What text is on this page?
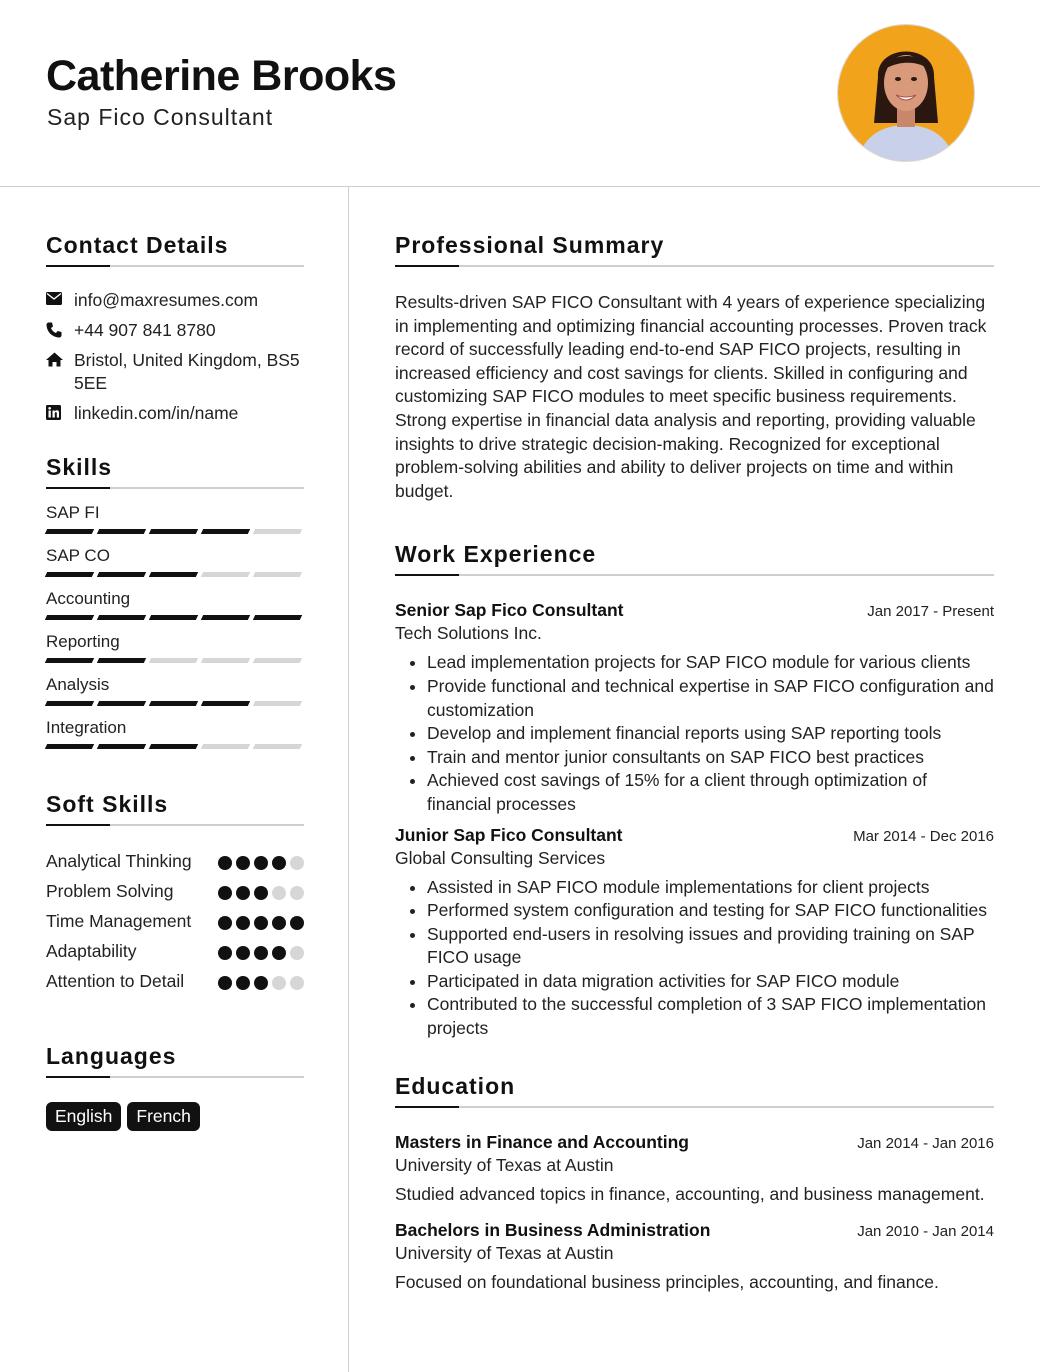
Catherine Brooks
Sap Fico Consultant
Contact Details
info@maxresumes.com
+44 907 841 8780
Bristol, United Kingdom, BS5 5EE
linkedin.com/in/name
Skills
SAP FI
SAP CO
Accounting
Reporting
Analysis
Integration
Soft Skills
Analytical Thinking
Problem Solving
Time Management
Adaptability
Attention to Detail
Languages
English	French
Professional Summary
Results-driven SAP FICO Consultant with 4 years of experience specializing in implementing and optimizing financial accounting processes. Proven track record of successfully leading end-to-end SAP FICO projects, resulting in increased efficiency and cost savings for clients. Skilled in configuring and customizing SAP FICO modules to meet specific business requirements. Strong expertise in financial data analysis and reporting, providing valuable insights to drive strategic decision-making. Recognized for exceptional problem-solving abilities and ability to deliver projects on time and within budget.
Work Experience
Senior Sap Fico Consultant	Jan 2017 - Present
Tech Solutions Inc.
• Lead implementation projects for SAP FICO module for various clients
• Provide functional and technical expertise in SAP FICO configuration and customization
• Develop and implement financial reports using SAP reporting tools
• Train and mentor junior consultants on SAP FICO best practices
• Achieved cost savings of 15% for a client through optimization of financial processes
Junior Sap Fico Consultant	Mar 2014 - Dec 2016
Global Consulting Services
• Assisted in SAP FICO module implementations for client projects
• Performed system configuration and testing for SAP FICO functionalities
• Supported end-users in resolving issues and providing training on SAP FICO usage
• Participated in data migration activities for SAP FICO module
• Contributed to the successful completion of 3 SAP FICO implementation projects
Education
Masters in Finance and Accounting	Jan 2014 - Jan 2016
University of Texas at Austin
Studied advanced topics in finance, accounting, and business management.
Bachelors in Business Administration	Jan 2010 - Jan 2014
University of Texas at Austin
Focused on foundational business principles, accounting, and finance.
